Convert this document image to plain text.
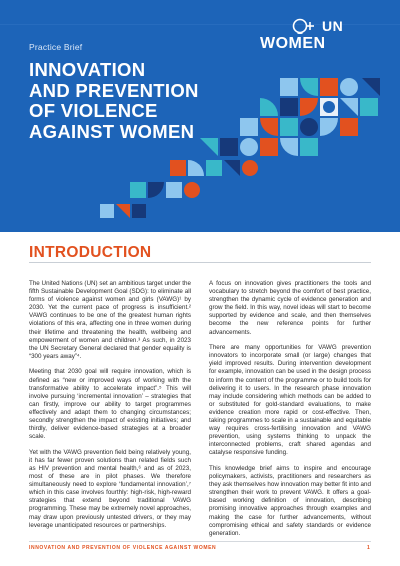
UN
WOMEN
Practice Brief
INNOVATION
AND PREVENTION
OF VIOLENCE
AGAINST WOMEN
INTRODUCTION

The United Nations (UN) set an ambitious target under the fifth Sustainable Development Goal (SDG): to eliminate all forms of violence against women and girls (VAWG)¹ by 2030. Yet the current pace of progress is insufficient.² VAWG continues to be one of the greatest human rights violations of this era, affecting one in three women during their lifetime and threatening the health, wellbeing and empowerment of women and children.³ As such, in 2023 the UN Secretary General declared that gender equality is “300 years away”⁴.

Meeting that 2030 goal will require innovation, which is defined as “new or improved ways of working with the transformative ability to accelerate impact”.⁵ This will involve pursuing ‘incremental innovation’ – strategies that can firstly, improve our ability to target programmes effectively and adapt them to changing circumstances; secondly strengthen the impact of existing initiatives; and thirdly, deliver evidence-based strategies at a broader scale.

Yet with the VAWG prevention field being relatively young, it has far fewer proven solutions than related fields such as HIV prevention and mental health,⁶ and as of 2023, most of these are in pilot phases. We therefore simultaneously need to explore ‘fundamental innovation’,⁷ which in this case involves fourthly: high-risk, high-reward strategies that extend beyond traditional VAWG programming. These may be extremely novel approaches, may draw upon previously untested drivers, or they may leverage unanticipated resources or partnerships.

A focus on innovation gives practitioners the tools and vocabulary to stretch beyond the comfort of best practice, strengthen the dynamic cycle of evidence generation and grow the field. In this way, novel ideas will start to become supported by evidence and scale, and then themselves become the new reference points for further advancements.

There are many opportunities for VAWG prevention innovators to incorporate small (or large) changes that yield improved results. During intervention development for example, innovation can be used in the design process to inform the content of the programme or to build tools for delivering it to users. In the research phase innovation may include considering which methods can be added to or substituted for gold-standard evaluations, to make evidence creation more rapid or cost-effective. Then, taking programmes to scale in a sustainable and equitable way requires cross-fertilising innovation and VAWG prevention, using systems thinking to unpack the interconnected problems, craft shared agendas and catalyse responsive funding.

This knowledge brief aims to inspire and encourage policymakers, activists, practitioners and researchers as they ask themselves how innovation may better fit into and strengthen their work to prevent VAWG. It offers a goal-based working definition of innovation, describing promising innovative approaches through examples and making the case for further advancements, without compromising ethical and safety standards or evidence generation.

INNOVATION AND PREVENTION OF VIOLENCE AGAINST WOMEN	1
